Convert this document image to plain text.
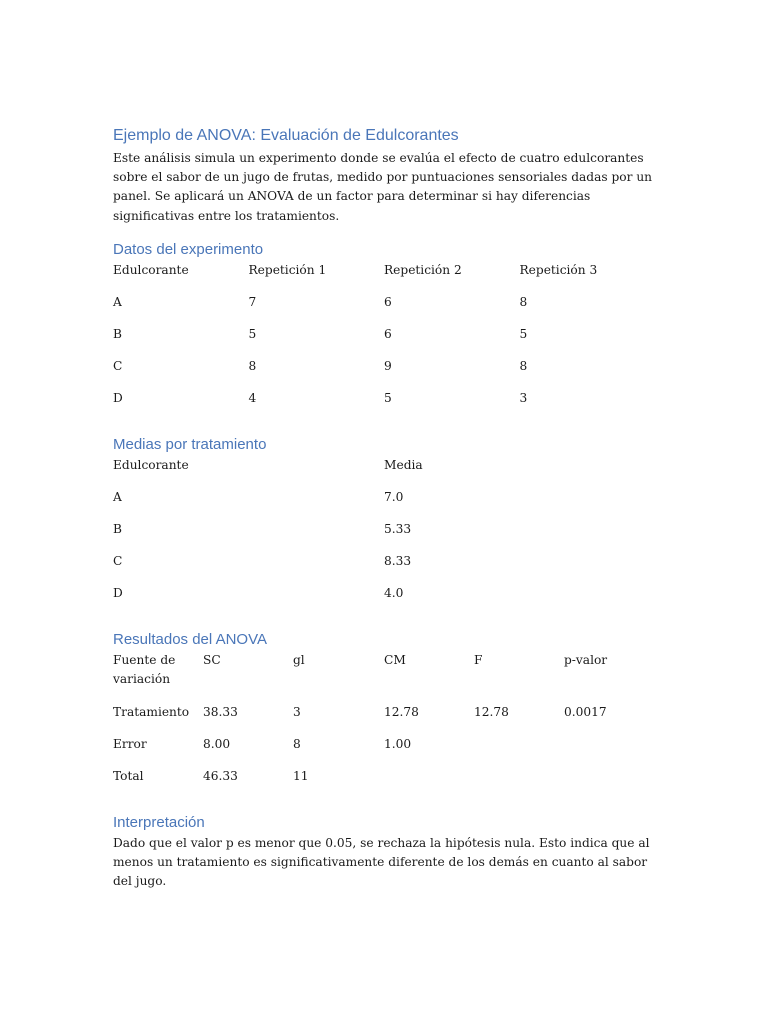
Ejemplo de ANOVA: Evaluación de Edulcorantes

Este análisis simula un experimento donde se evalúa el efecto de cuatro edulcorantes sobre el sabor de un jugo de frutas, medido por puntuaciones sensoriales dadas por un panel. Se aplicará un ANOVA de un factor para determinar si hay diferencias significativas entre los tratamientos.

Datos del experimento
Edulcorante	Repetición 1	Repetición 2	Repetición 3
A	7	6	8
B	5	6	5
C	8	9	8
D	4	5	3
Medias por tratamiento
Edulcorante	Media
A	7.0
B	5.33
C	8.33
D	4.0
Resultados del ANOVA
Fuente de variación	SC	gl	CM	F	p-valor
Tratamiento	38.33	3	12.78	12.78	0.0017
Error	8.00	8	1.00		
Total	46.33	11			
Interpretación

Dado que el valor p es menor que 0.05, se rechaza la hipótesis nula. Esto indica que al menos un tratamiento es significativamente diferente de los demás en cuanto al sabor del jugo.
